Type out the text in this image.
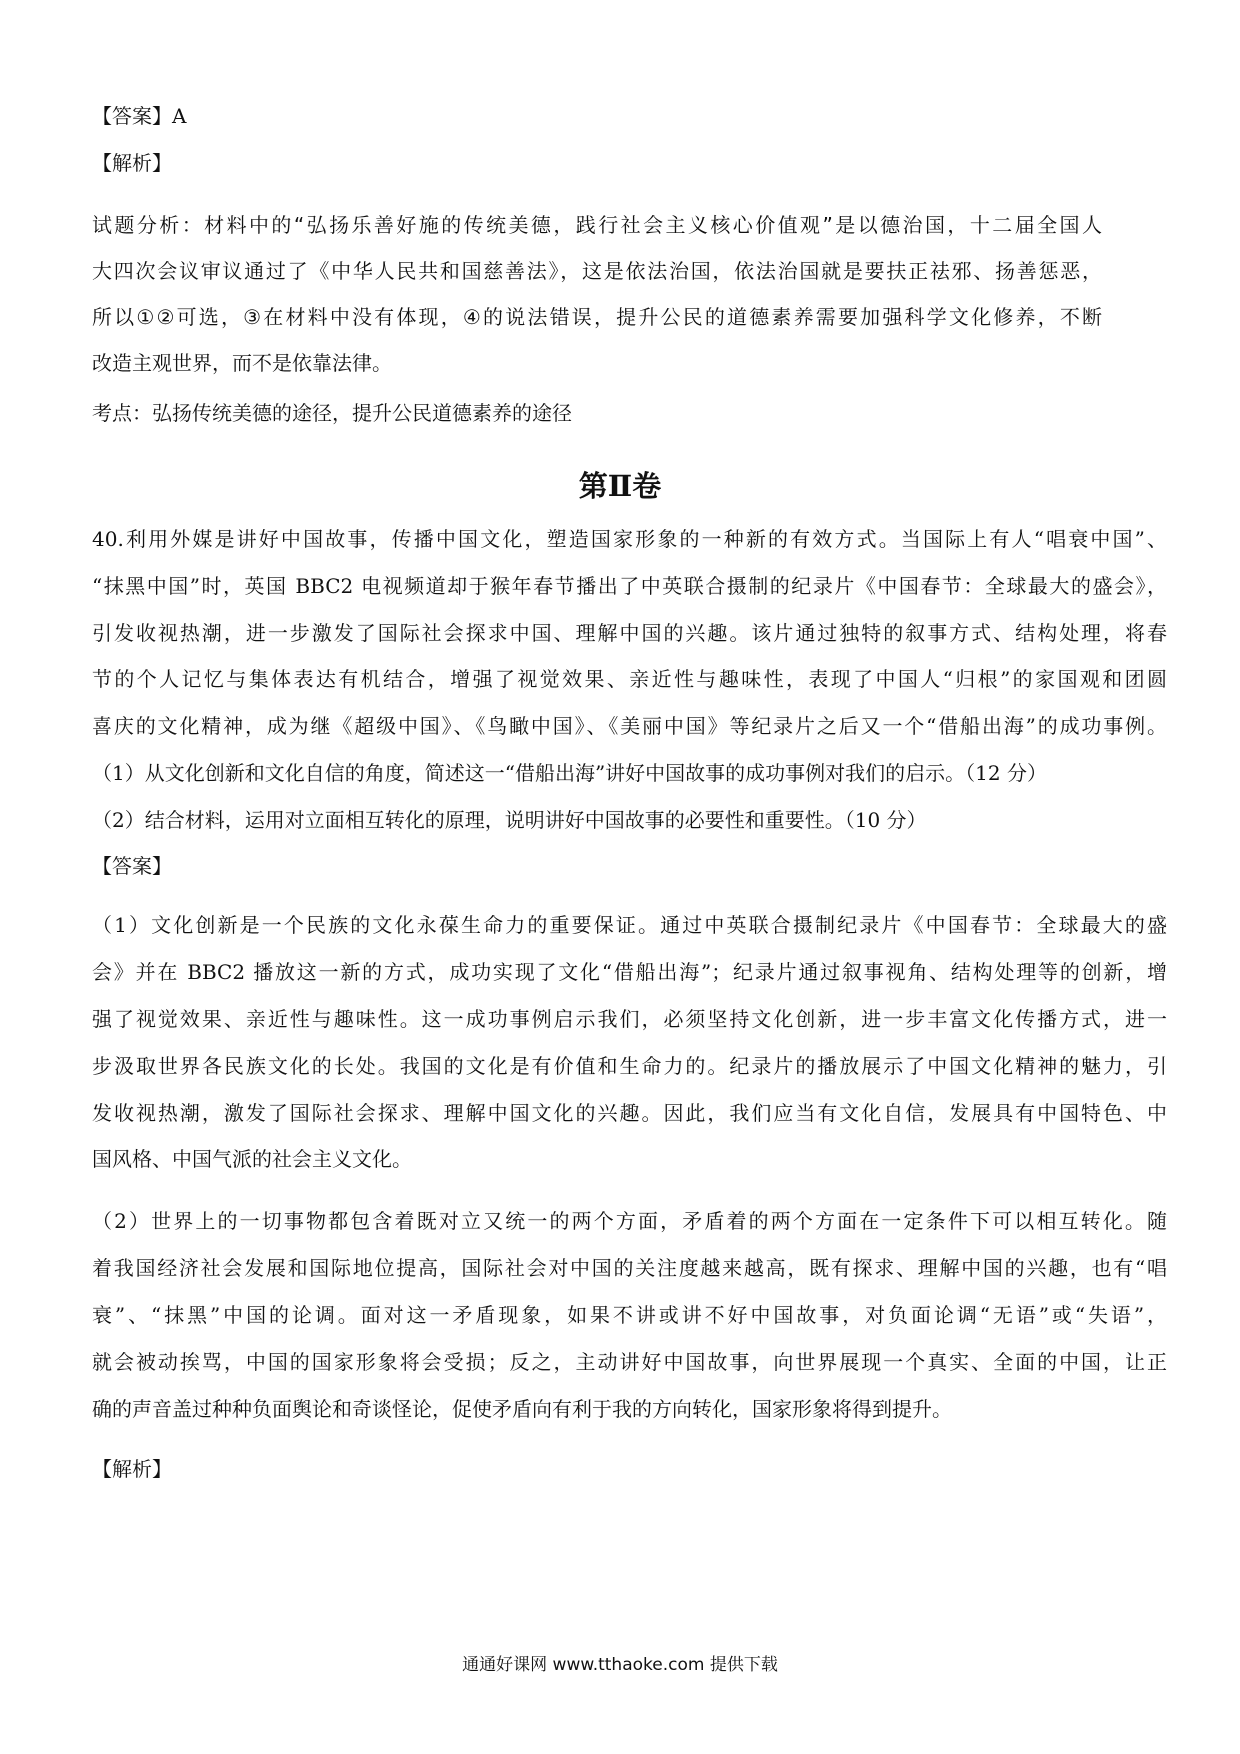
【答案】A
【解析】
试题分析：材料中的“弘扬乐善好施的传统美德，践行社会主义核心价值观”是以德治国，十二届全国人
大四次会议审议通过了《中华人民共和国慈善法》，这是依法治国，依法治国就是要扶正祛邪、扬善惩恶，
所以①②可选，③在材料中没有体现，④的说法错误，提升公民的道德素养需要加强科学文化修养，不断
改造主观世界，而不是依靠法律。
考点：弘扬传统美德的途径，提升公民道德素养的途径
第Ⅱ卷
40.利用外媒是讲好中国故事，传播中国文化，塑造国家形象的一种新的有效方式。当国际上有人“唱衰中国”、
“抹黑中国”时，英国 BBC2 电视频道却于猴年春节播出了中英联合摄制的纪录片《中国春节：全球最大的盛会》，
引发收视热潮，进一步激发了国际社会探求中国、理解中国的兴趣。该片通过独特的叙事方式、结构处理，将春
节的个人记忆与集体表达有机结合，增强了视觉效果、亲近性与趣味性，表现了中国人“归根”的家国观和团圆
喜庆的文化精神，成为继《超级中国》、《鸟瞰中国》、《美丽中国》等纪录片之后又一个“借船出海”的成功事例。
（1）从文化创新和文化自信的角度，简述这一“借船出海”讲好中国故事的成功事例对我们的启示。（12 分）
（2）结合材料，运用对立面相互转化的原理，说明讲好中国故事的必要性和重要性。（10 分）
【答案】
（1）文化创新是一个民族的文化永葆生命力的重要保证。通过中英联合摄制纪录片《中国春节：全球最大的盛
会》并在 BBC2 播放这一新的方式，成功实现了文化“借船出海”；纪录片通过叙事视角、结构处理等的创新，增
强了视觉效果、亲近性与趣味性。这一成功事例启示我们，必须坚持文化创新，进一步丰富文化传播方式，进一
步汲取世界各民族文化的长处。我国的文化是有价值和生命力的。纪录片的播放展示了中国文化精神的魅力，引
发收视热潮，激发了国际社会探求、理解中国文化的兴趣。因此，我们应当有文化自信，发展具有中国特色、中
国风格、中国气派的社会主义文化。
（2）世界上的一切事物都包含着既对立又统一的两个方面，矛盾着的两个方面在一定条件下可以相互转化。随
着我国经济社会发展和国际地位提高，国际社会对中国的关注度越来越高，既有探求、理解中国的兴趣，也有“唱
衰”、“抹黑”中国的论调。面对这一矛盾现象，如果不讲或讲不好中国故事，对负面论调“无语”或“失语”，
就会被动挨骂，中国的国家形象将会受损；反之，主动讲好中国故事，向世界展现一个真实、全面的中国，让正
确的声音盖过种种负面舆论和奇谈怪论，促使矛盾向有利于我的方向转化，国家形象将得到提升。
【解析】
通通好课网 www.tthaoke.com 提供下载
